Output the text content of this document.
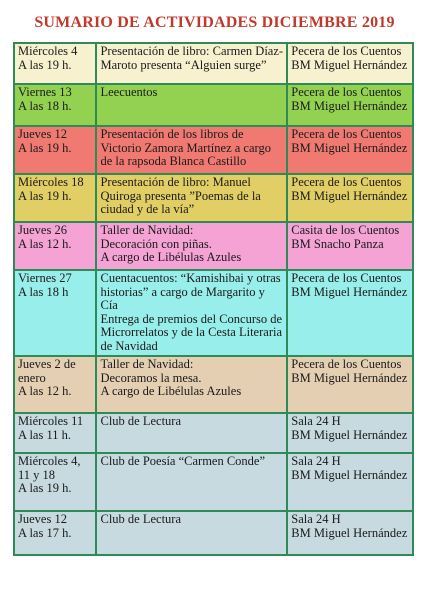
SUMARIO DE ACTIVIDADES DICIEMBRE 2019
Miércoles 4
A las 19 h.	Presentación de libro: Carmen Díaz-Maroto presenta “Alguien surge”	Pecera de los Cuentos
BM Miguel Hernández
Viernes 13
A las 18 h.	Leecuentos	Pecera de los Cuentos
BM Miguel Hernández
Jueves 12
A las 19 h.	Presentación de los libros de Victorio Zamora Martínez a cargo de la rapsoda Blanca Castillo	Pecera de los Cuentos
BM Miguel Hernández
Miércoles 18
A las 19 h.	Presentación de libro: Manuel Quiroga presenta ”Poemas de la ciudad y de la vía”	Pecera de los Cuentos
BM Miguel Hernández
Jueves 26
A las 12 h.	Taller de Navidad:
Decoración con piñas.
A cargo de Libélulas Azules	Casita de los Cuentos
BM Snacho Panza
Viernes 27
A las 18 h	Cuentacuentos: “Kamishibai y otras historias” a cargo de Margarito y Cía
Entrega de premios del Concurso de Microrrelatos y de la Cesta Literaria de Navidad	Pecera de los Cuentos
BM Miguel Hernández
Jueves 2 de enero
A las 12 h.	Taller de Navidad:
Decoramos la mesa.
A cargo de Libélulas Azules	Pecera de los Cuentos
BM Miguel Hernández
Miércoles 11
A las 11 h.	Club de Lectura	Sala 24 H
BM Miguel Hernández
Miércoles 4,
11 y 18
A las 19 h.	Club de Poesía “Carmen Conde”	Sala 24 H
BM Miguel Hernández
Jueves 12
A las 17 h.	Club de Lectura	Sala 24 H
BM Miguel Hernández
